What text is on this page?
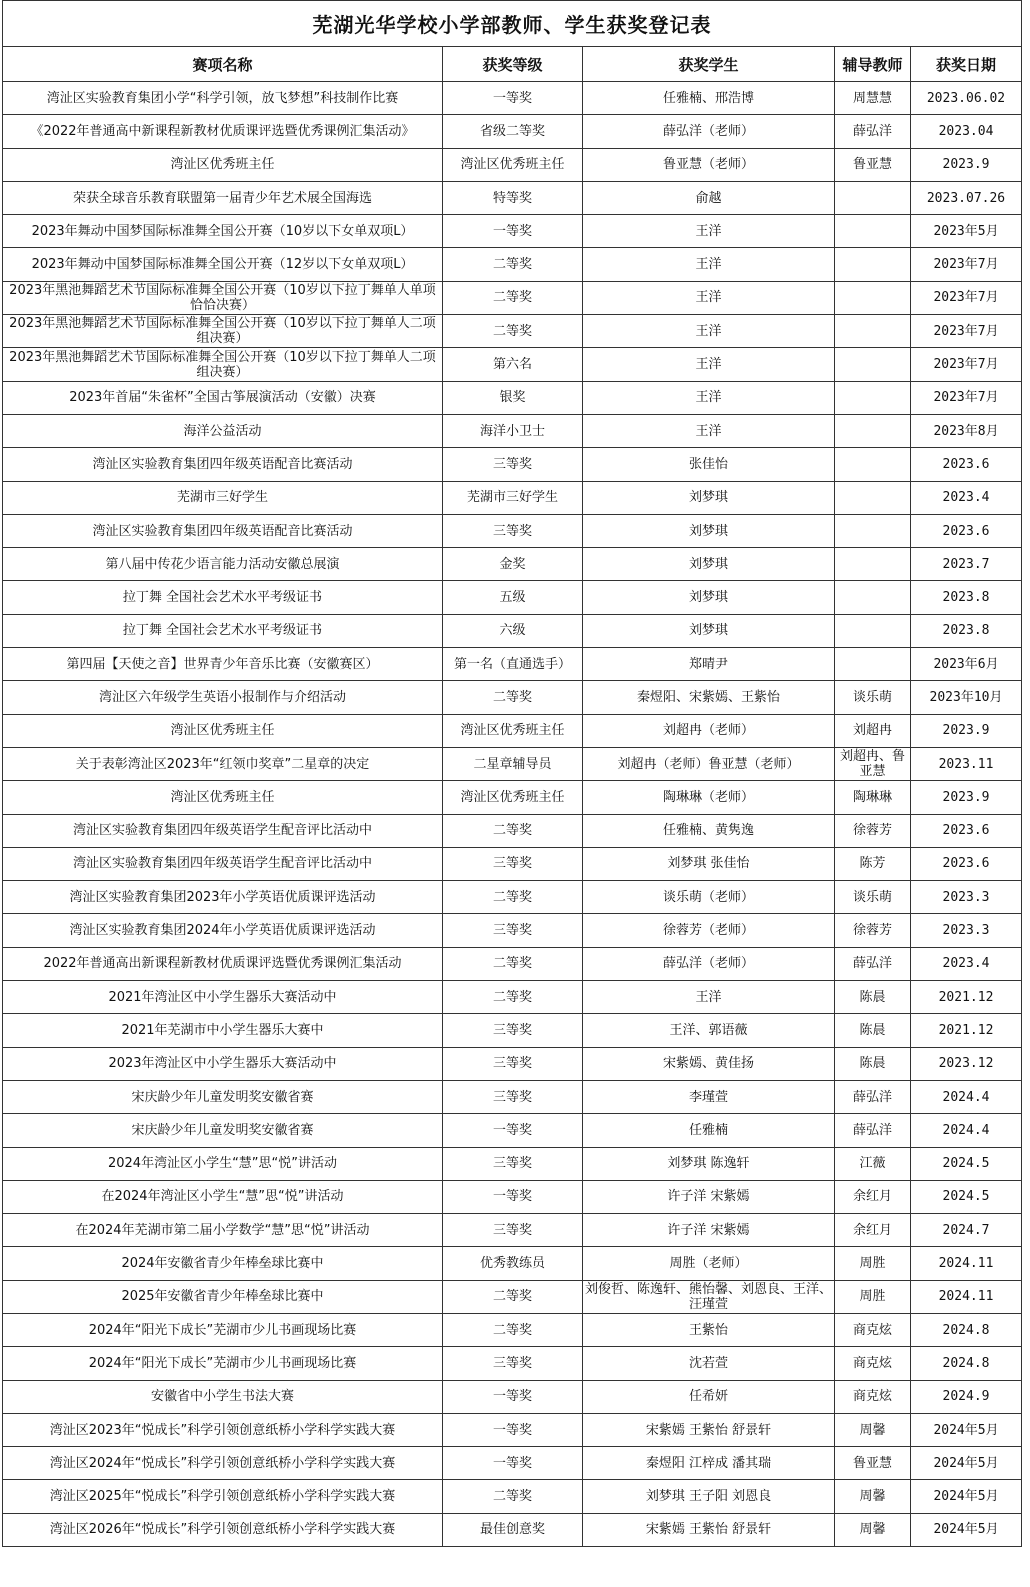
芜湖光华学校小学部教师、学生获奖登记表				
赛项名称	获奖等级	获奖学生	辅导教师	获奖日期
湾沚区实验教育集团小学“科学引领，放飞梦想”科技制作比赛	一等奖	任雅楠、邢浩博	周慧慧	2023.06.02
《2022年普通高中新课程新教材优质课评选暨优秀课例汇集活动》	省级二等奖	薛弘洋（老师）	薛弘洋	2023.04
湾沚区优秀班主任	湾沚区优秀班主任	鲁亚慧（老师）	鲁亚慧	2023.9
荣获全球音乐教育联盟第一届青少年艺术展全国海选	特等奖	俞越		2023.07.26
2023年舞动中国梦国际标准舞全国公开赛（10岁以下女单双项L）	一等奖	王洋		2023年5月
2023年舞动中国梦国际标准舞全国公开赛（12岁以下女单双项L）	二等奖	王洋		2023年7月
2023年黑池舞蹈艺术节国际标准舞全国公开赛（10岁以下拉丁舞单人单项恰恰决赛）	二等奖	王洋		2023年7月
2023年黑池舞蹈艺术节国际标准舞全国公开赛（10岁以下拉丁舞单人二项组决赛）	二等奖	王洋		2023年7月
2023年黑池舞蹈艺术节国际标准舞全国公开赛（10岁以下拉丁舞单人二项组决赛）	第六名	王洋		2023年7月
2023年首届“朱雀杯”全国古筝展演活动（安徽）决赛	银奖	王洋		2023年7月
海洋公益活动	海洋小卫士	王洋		2023年8月
湾沚区实验教育集团四年级英语配音比赛活动	三等奖	张佳怡		2023.6
芜湖市三好学生	芜湖市三好学生	刘梦琪		2023.4
湾沚区实验教育集团四年级英语配音比赛活动	三等奖	刘梦琪		2023.6
第八届中传花少语言能力活动安徽总展演	金奖	刘梦琪		2023.7
拉丁舞 全国社会艺术水平考级证书	五级	刘梦琪		2023.8
拉丁舞 全国社会艺术水平考级证书	六级	刘梦琪		2023.8
第四届【天使之音】世界青少年音乐比赛（安徽赛区）	第一名（直通选手）	郑晴尹		2023年6月
湾沚区六年级学生英语小报制作与介绍活动	二等奖	秦煜阳、宋紫嫣、王紫怡	谈乐萌	2023年10月
湾沚区优秀班主任	湾沚区优秀班主任	刘超冉（老师）	刘超冉	2023.9
关于表彰湾沚区2023年“红领巾奖章”二星章的决定	二星章辅导员	刘超冉（老师）鲁亚慧（老师）	刘超冉、鲁亚慧	2023.11
湾沚区优秀班主任	湾沚区优秀班主任	陶琳琳（老师）	陶琳琳	2023.9
湾沚区实验教育集团四年级英语学生配音评比活动中	二等奖	任雅楠、黄隽逸	徐蓉芳	2023.6
湾沚区实验教育集团四年级英语学生配音评比活动中	三等奖	刘梦琪 张佳怡	陈芳	2023.6
湾沚区实验教育集团2023年小学英语优质课评选活动	二等奖	谈乐萌（老师）	谈乐萌	2023.3
湾沚区实验教育集团2024年小学英语优质课评选活动	三等奖	徐蓉芳（老师）	徐蓉芳	2023.3
2022年普通高出新课程新教材优质课评选暨优秀课例汇集活动	二等奖	薛弘洋（老师）	薛弘洋	2023.4
2021年湾沚区中小学生器乐大赛活动中	二等奖	王洋	陈晨	2021.12
2021年芜湖市中小学生器乐大赛中	三等奖	王洋、郭语薇	陈晨	2021.12
2023年湾沚区中小学生器乐大赛活动中	三等奖	宋紫嫣、黄佳扬	陈晨	2023.12
宋庆龄少年儿童发明奖安徽省赛	三等奖	李瑾萱	薛弘洋	2024.4
宋庆龄少年儿童发明奖安徽省赛	一等奖	任雅楠	薛弘洋	2024.4
2024年湾沚区小学生“慧”思“悦”讲活动	三等奖	刘梦琪 陈逸轩	江薇	2024.5
在2024年湾沚区小学生“慧”思“悦”讲活动	一等奖	许子洋 宋紫嫣	余红月	2024.5
在2024年芜湖市第二届小学数学“慧”思“悦”讲活动	三等奖	许子洋 宋紫嫣	余红月	2024.7
2024年安徽省青少年棒垒球比赛中	优秀教练员	周胜（老师）	周胜	2024.11
2025年安徽省青少年棒垒球比赛中	二等奖	刘俊哲、陈逸轩、熊怡馨、刘恩良、王洋、汪瑾萱	周胜	2024.11
2024年“阳光下成长”芜湖市少儿书画现场比赛	二等奖	王紫怡	商克炫	2024.8
2024年“阳光下成长”芜湖市少儿书画现场比赛	三等奖	沈若萱	商克炫	2024.8
安徽省中小学生书法大赛	一等奖	任希妍	商克炫	2024.9
湾沚区2023年“悦成长”科学引领创意纸桥小学科学实践大赛	一等奖	宋紫嫣 王紫怡 舒景轩	周馨	2024年5月
湾沚区2024年“悦成长”科学引领创意纸桥小学科学实践大赛	一等奖	秦煜阳 江梓成 潘其瑞	鲁亚慧	2024年5月
湾沚区2025年“悦成长”科学引领创意纸桥小学科学实践大赛	二等奖	刘梦琪 王子阳 刘恩良	周馨	2024年5月
湾沚区2026年“悦成长”科学引领创意纸桥小学科学实践大赛	最佳创意奖	宋紫嫣 王紫怡 舒景轩	周馨	2024年5月
